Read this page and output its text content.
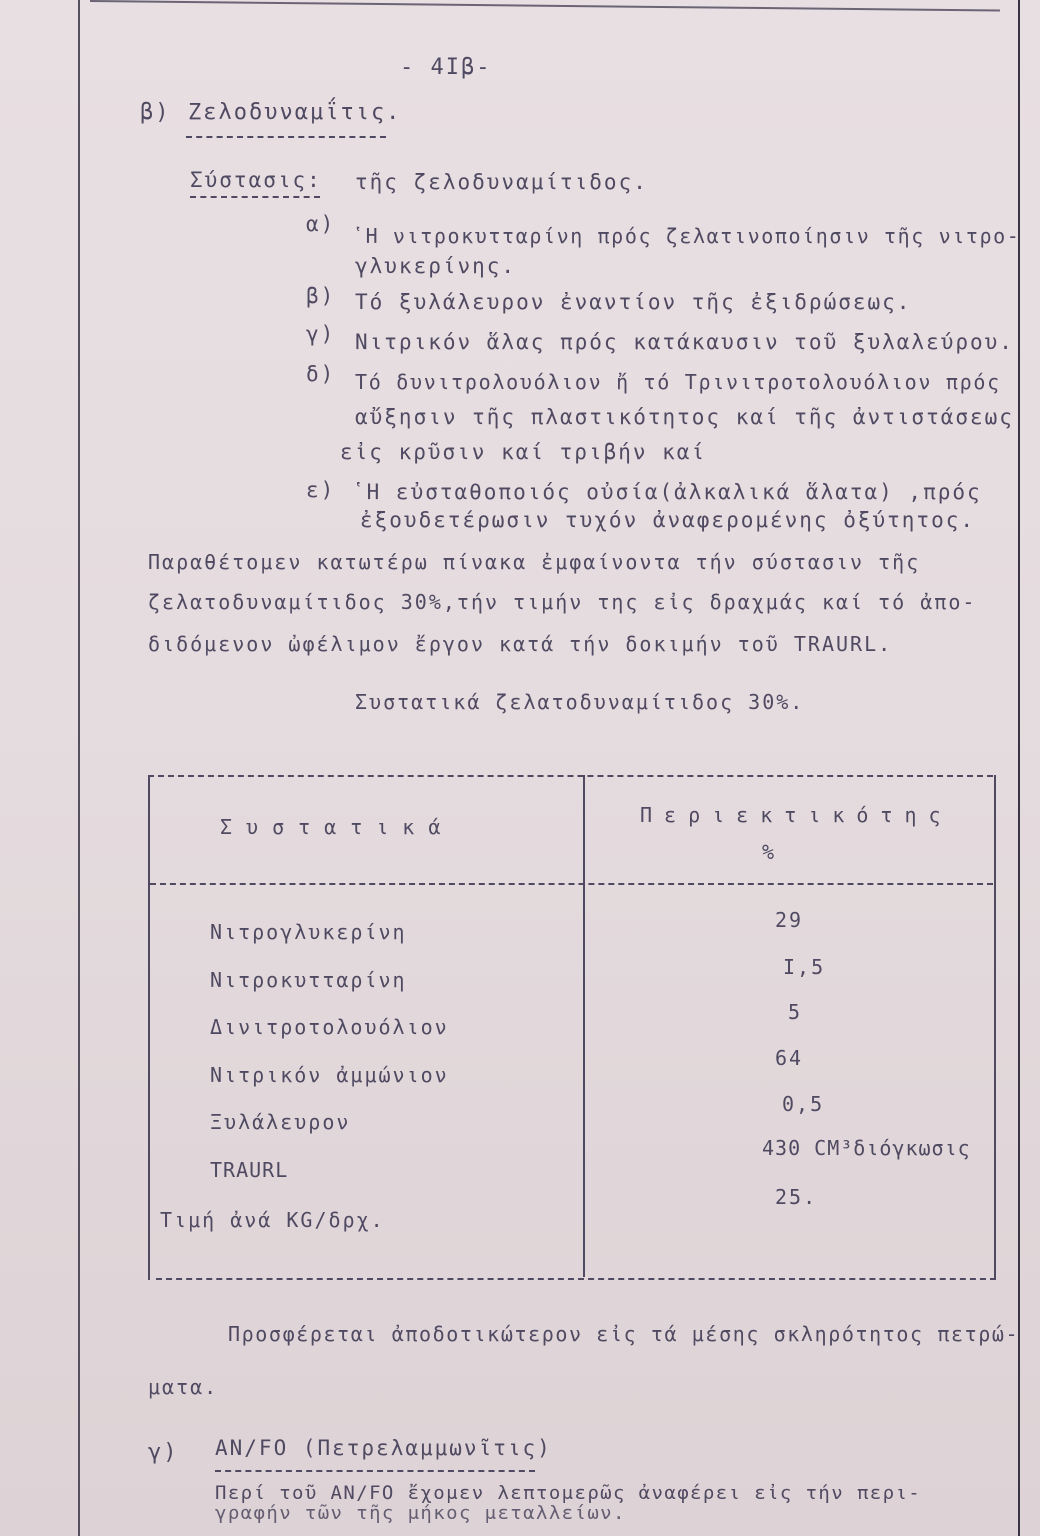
- 4Iβ-
β) Ζελοδυναμΐτις.
Σύστασις: τῆς ζελοδυναμίτιδος.
α) ῾Η νιτροκυτταρίνη πρός ζελατινοποίησιν τῆς νιτρο-
γλυκερίνης.
β) Τό ξυλάλευρον ἐναντίον τῆς ἐξιδρώσεως.
γ) Νιτρικόν ἅλας πρός κατάκαυσιν τοῦ ξυλαλεύρου.
δ) Τό δυνιτρολουόλιον ἤ τό Τρινιτροτολουόλιον πρός
αὔξησιν τῆς πλαστικότητος καί τῆς ἀντιστάσεως
εἰς κρῦσιν καί τριβήν καί
ε) ῾Η εὐσταθοποιός οὐσία(ἀλκαλικά ἅλατα) ,πρός
ἐξουδετέρωσιν τυχόν ἀναφερομένης ὀξύτητος.
Παραθέτομεν κατωτέρω πίνακα ἐμφαίνοντα τήν σύστασιν τῆς
ζελατοδυναμίτιδος 30%,τήν τιμήν της εἰς δραχμάς καί τό ἀπο-
διδόμενον ὠφέλιμον ἔργον κατά τήν δοκιμήν τοῦ TRAURL.
Συστατικά ζελατοδυναμίτιδος 30%.
Συστατικά	Περιεκτικότης
%
Νιτρογλυκερίνη	29
Νιτροκυτταρίνη
I,5
Δινιτροτολουόλιον
5
Νιτρικόν ἀμμώνιον
64
Ξυλάλευρον
0,5
TRAURL
430 CM³διόγκωσις
Τιμή ἀνά KG/δρχ.
25.
Προσφέρεται ἀποδοτικώτερον εἰς τά μέσης σκληρότητος πετρώ-
ματα.
γ) AN/FO (Πετρελαμμωνῖτις)
Περί τοῦ AN/FO ἔχομεν λεπτομερῶς ἀναφέρει εἰς τήν περι-
γραφήν τῶν τῆς μήκος μεταλλείων.
